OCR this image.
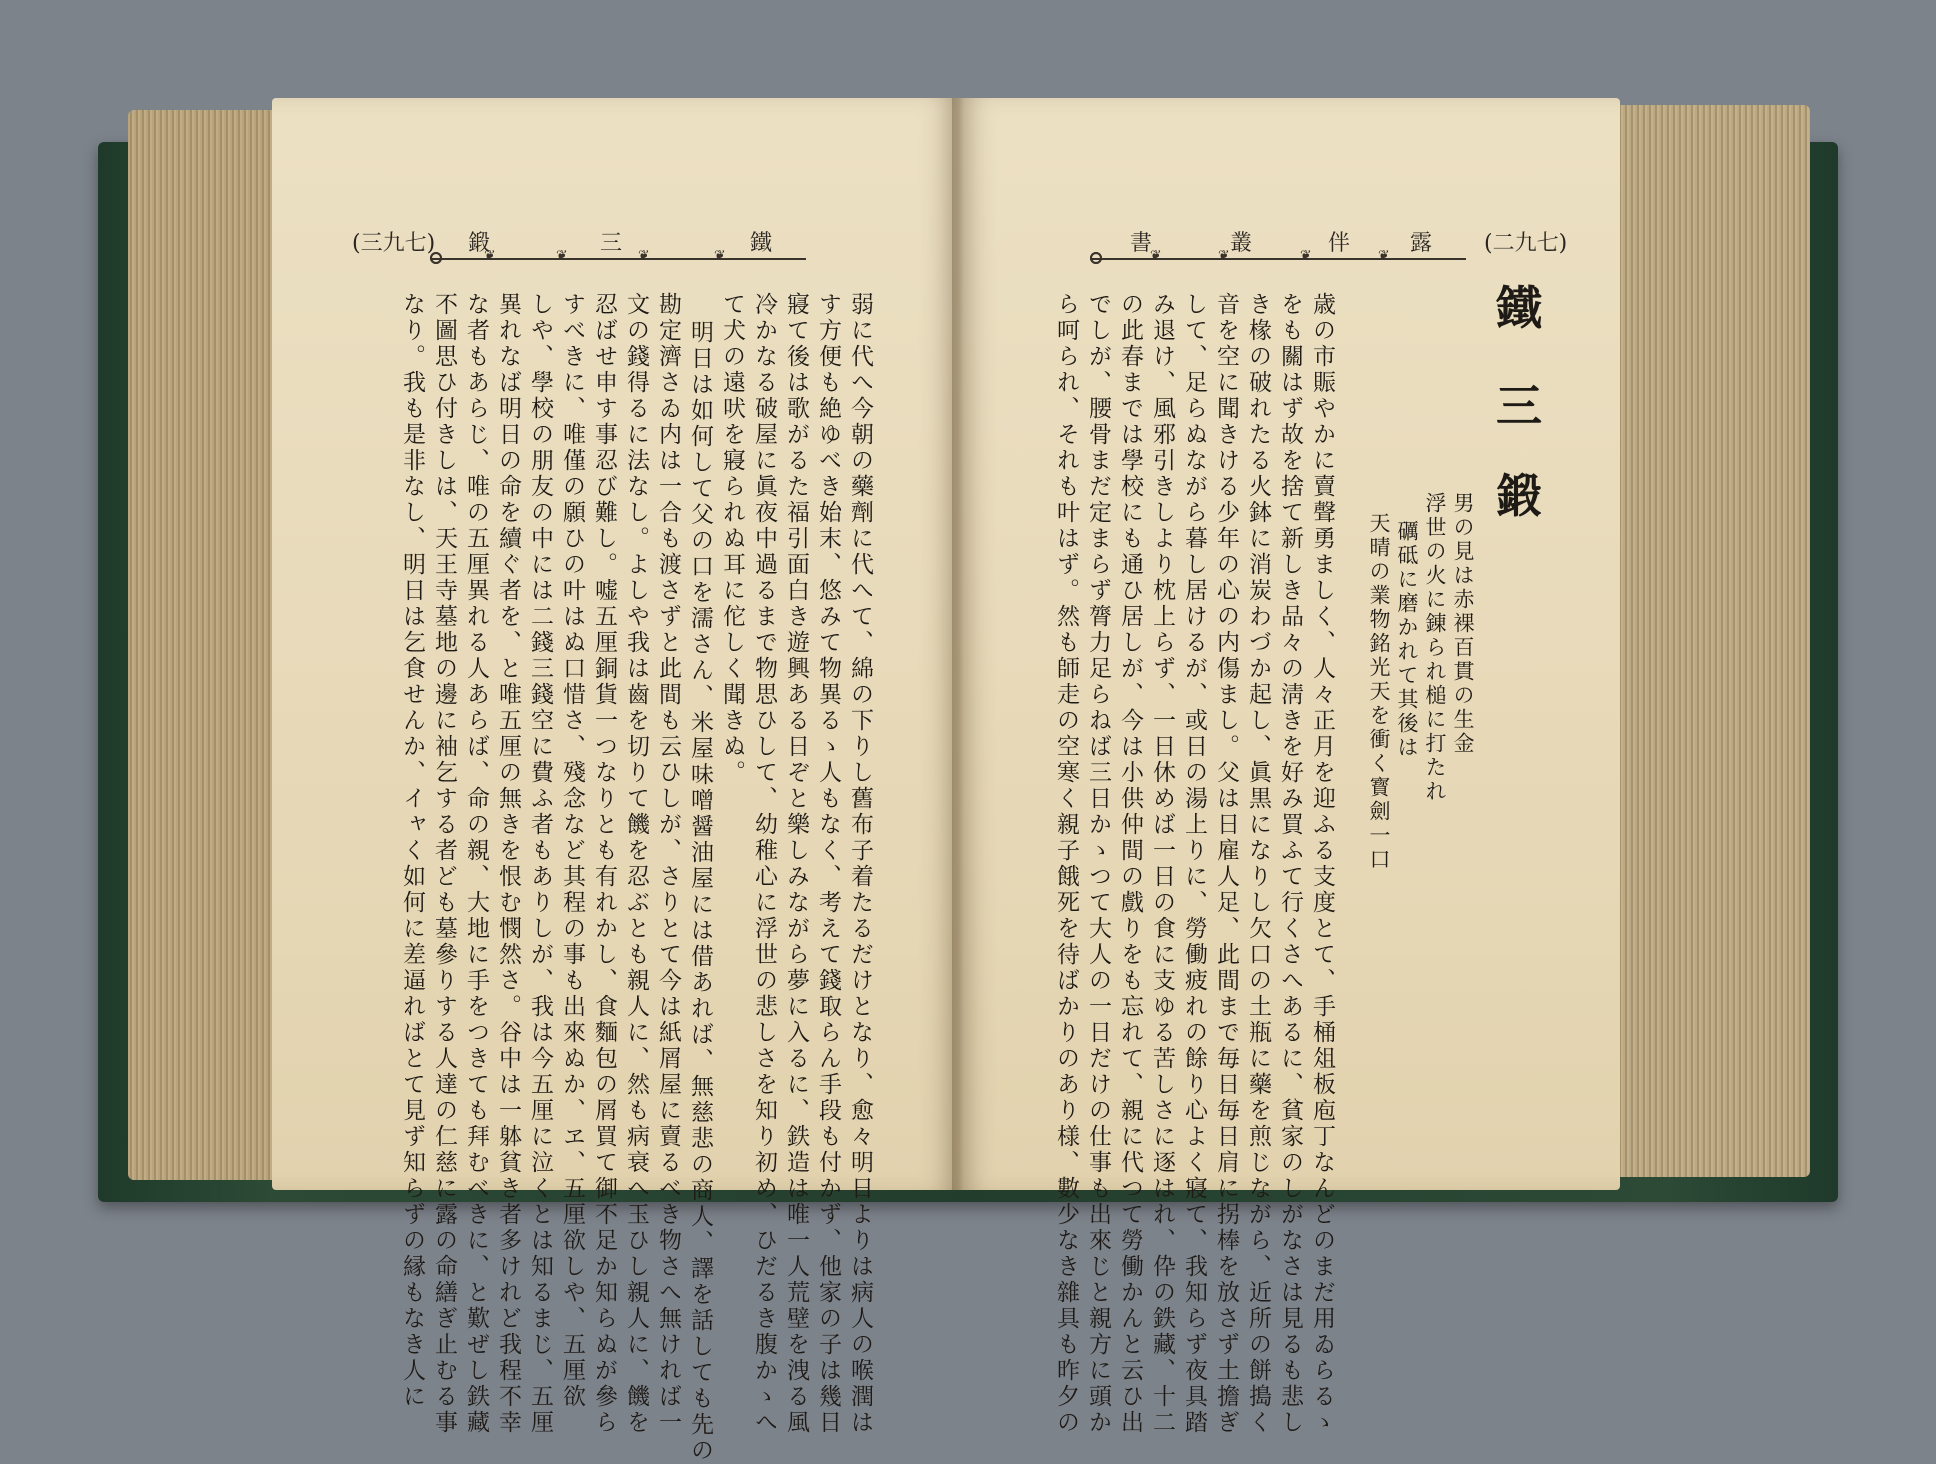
(三九七) 鍛	三	鐵
❦	❦	❦	❦
弱に代へ今朝の藥劑に代へて、綿の下りし舊布子着たるだけとなり、愈々明日よりは病人の喉潤は
す方便も絶ゆべき始末、悠みて物異るゝ人もなく、考えて錢取らん手段も付かず、他家の子は幾日
寢て後は歌がるた福引面白き遊興ある日ぞと樂しみながら夢に入るに、鉄造は唯一人荒壁を洩る風
冷かなる破屋に眞夜中過るまで物思ひして、幼稚心に浮世の悲しさを知り初め、ひだるき腹かゝへ
て犬の遠吠を寢られぬ耳に佗しく聞きぬ。
明日は如何して父の口を濡さん、米屋味噌醤油屋には借あれば、無慈悲の商人、譯を話しても先の
勘定濟さゐ内は一合も渡さずと此間も云ひしが、さりとて今は紙屑屋に賣るべき物さへ無ければ一
文の錢得るに法なし。よしや我は齒を切りて饑を忍ぶとも親人に、然も病衰へ玉ひし親人に、饑を
忍ばせ申す事忍び難し。嘘五厘銅貨一つなりとも有れかし、食麵包の屑買て御不足か知らぬが參ら
すべきに、唯僅の願ひの叶はぬ口惜さ、殘念など其程の事も出來ぬか、ヱ、五厘欲しや、五厘欲
しや、學校の朋友の中には二錢三錢空に費ふ者もありしが、我は今五厘に泣くとは知るまじ、五厘
異れなば明日の命を續ぐ者を、と唯五厘の無きを恨む憫然さ。谷中は一躰貧き者多けれど我程不幸
な者もあらじ、唯の五厘異れる人あらば、命の親、大地に手をつきても拜むべきに、と歎ぜし鉄藏
不圖思ひ付きしは、天王寺墓地の邊に袖乞する者ども墓參りする人達の仁慈に露の命繕ぎ止むる事
なり。我も是非なし、明日は乞食せんか、イャく如何に差逼ればとて見ず知らずの縁もなき人に
書	叢	伴	露 (二九七)
❦	❦	❦	❦
鐵
三
鍛
男の見は赤裸百貫の生金
浮世の火に錬られ槌に打たれ
礪砥に磨かれて其後は
天晴の業物銘光天を衝く寳劍一口
歳の市賑やかに賣聲勇ましく、人々正月を迎ふる支度とて、手桶俎板庖丁なんどのまだ用ゐらるゝ
をも關はず故を捨て新しき品々の淸きを好み買ふて行くさへあるに、貧家のしがなさは見るも悲し
き椽の破れたる火鉢に消炭わづか起し、眞黒になりし欠口の土瓶に藥を煎じながら、近所の餅搗く
音を空に聞きける少年の心の内傷まし。父は日雇人足、此間まで毎日毎日肩に拐棒を放さず土擔ぎ
して、足らぬながら暮し居けるが、或日の湯上りに、勞働疲れの餘り心よく寢て、我知らず夜具踏
み退け、風邪引きしより枕上らず、一日休めば一日の食に支ゆる苦しさに逐はれ、伜の鉄藏、十二
の此春までは學校にも通ひ居しが、今は小供仲間の戲りをも忘れて、親に代つて勞働かんと云ひ出
でしが、腰骨まだ定まらず膂力足らねば三日かゝつて大人の一日だけの仕事も出來じと親方に頭か
ら呵られ、それも叶はず。然も師走の空寒く親子餓死を待ばかりのあり様、數少なき雜具も昨夕の
